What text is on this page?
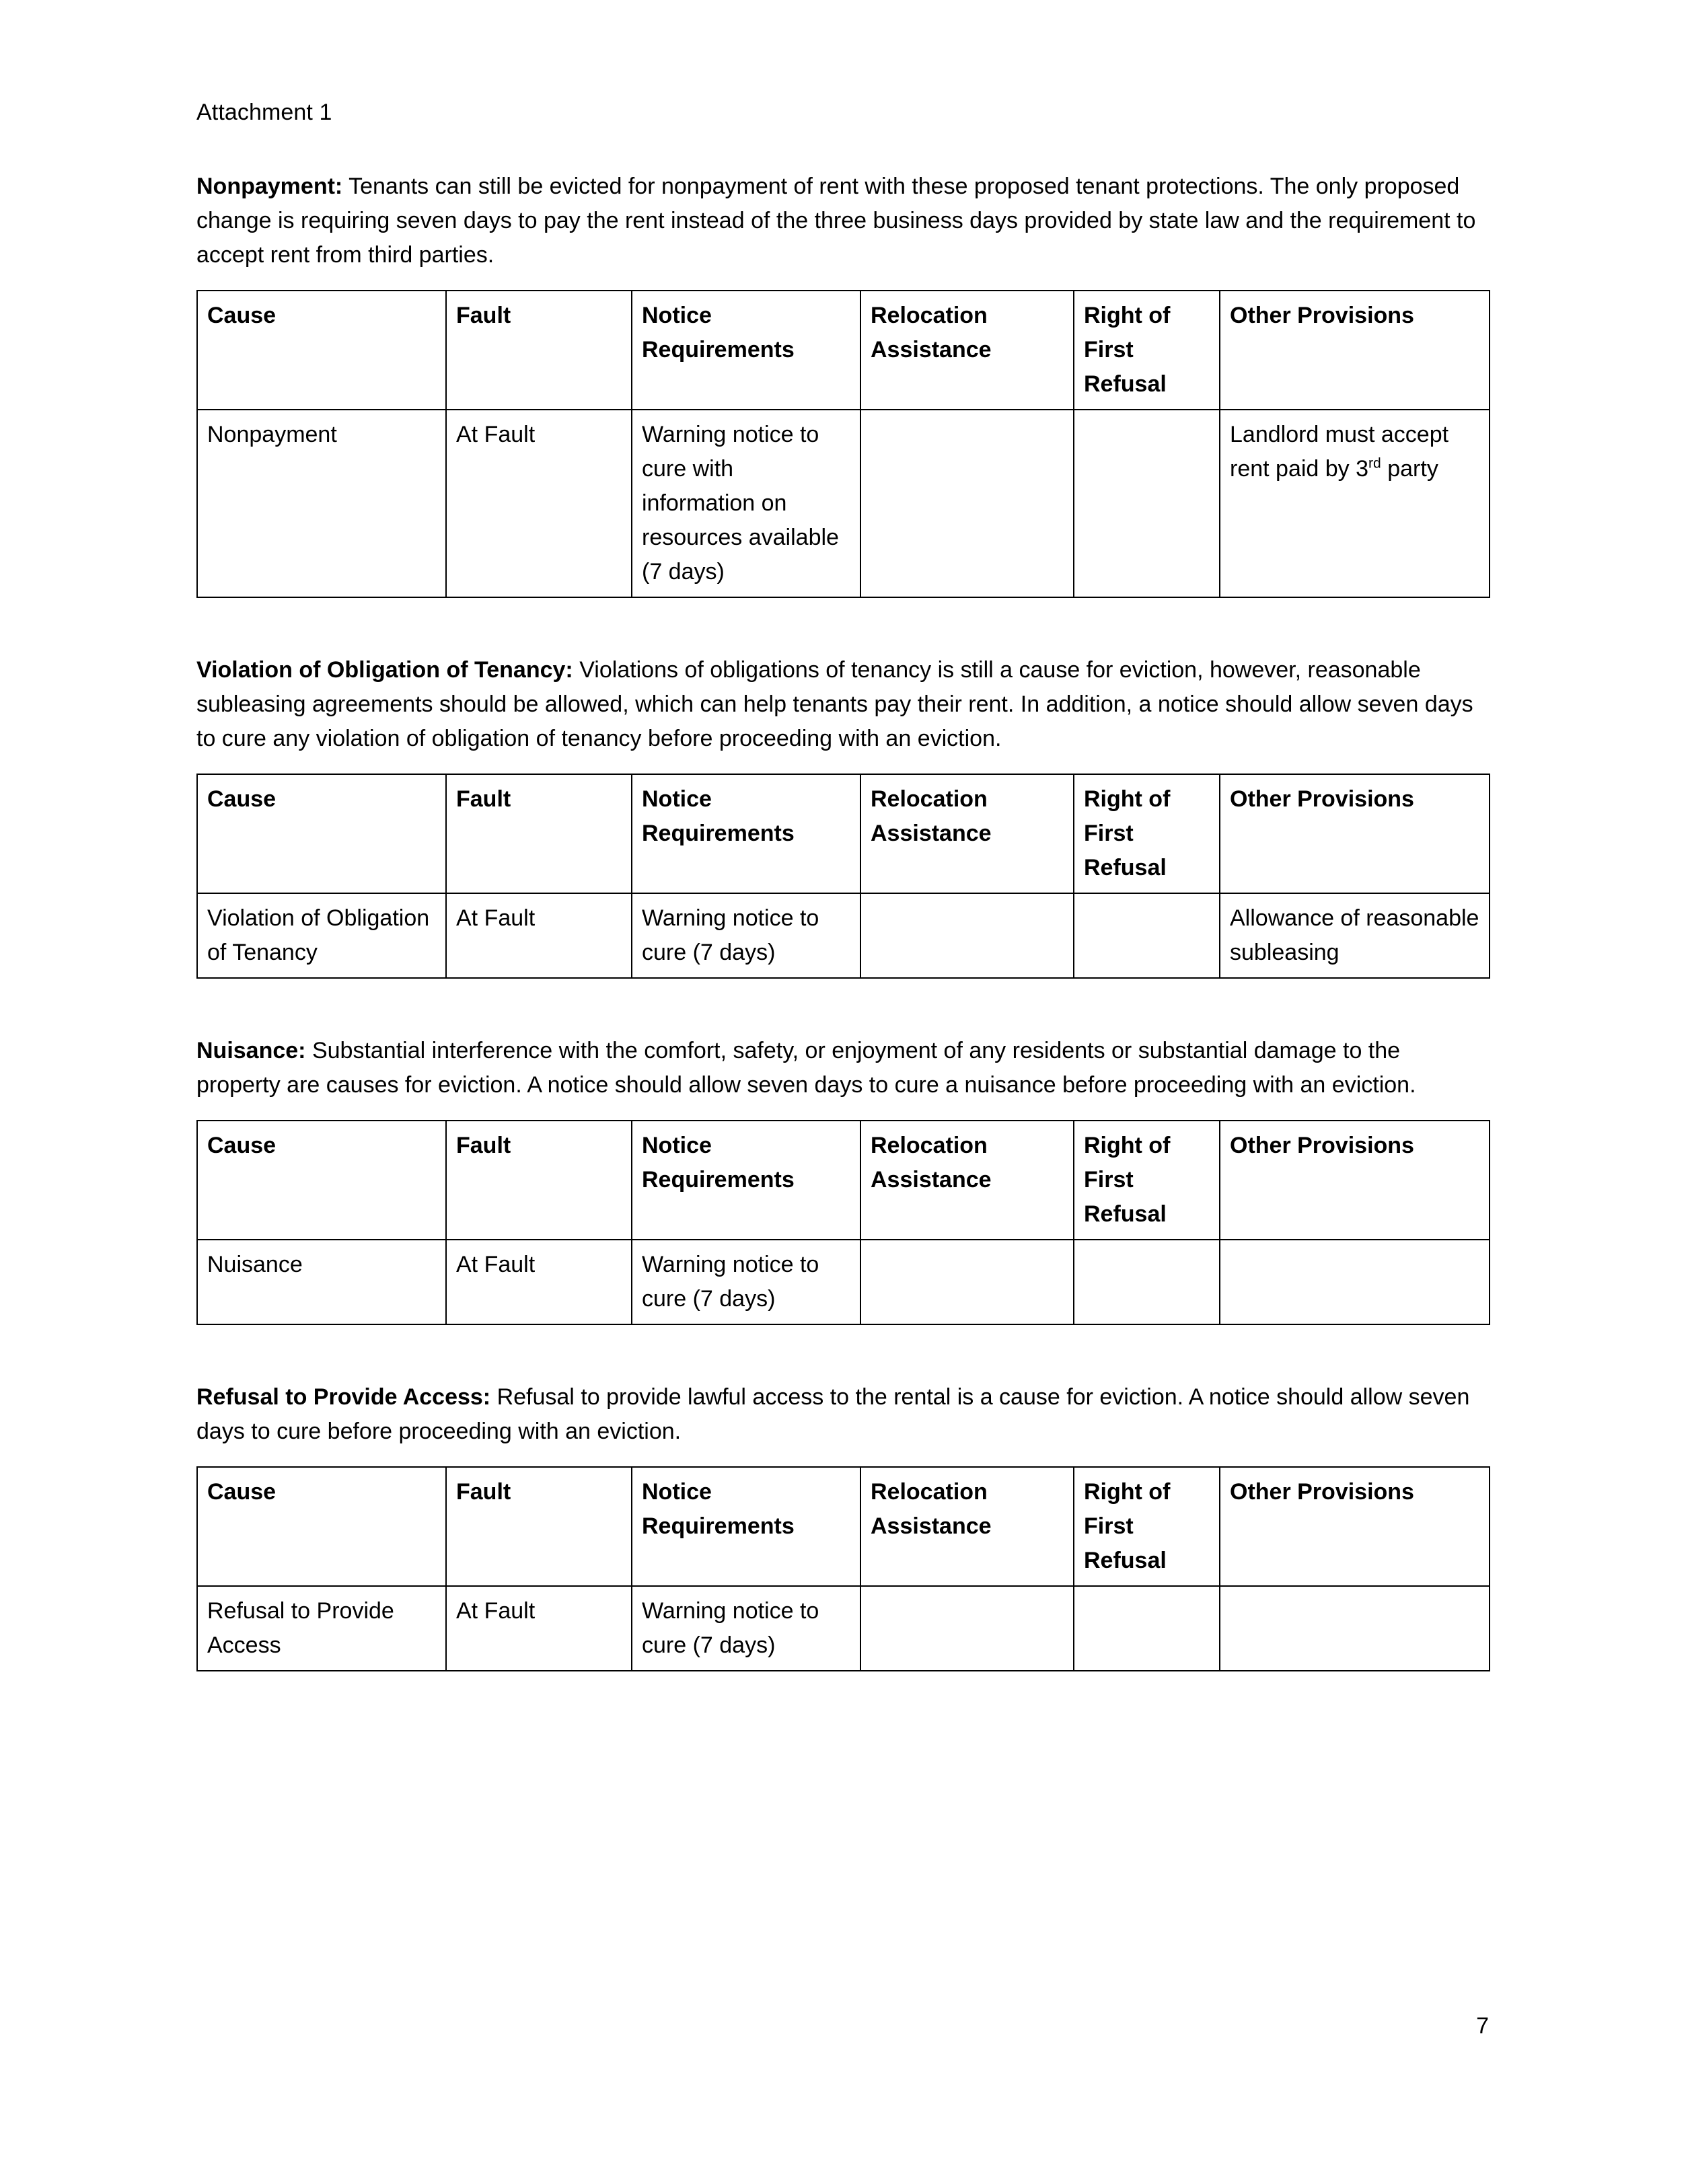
Attachment 1

Nonpayment: Tenants can still be evicted for nonpayment of rent with these proposed tenant protections. The only proposed change is requiring seven days to pay the rent instead of the three business days provided by state law and the requirement to accept rent from third parties.

Cause	Fault	Notice Requirements	Relocation Assistance	Right of First Refusal	Other Provisions
Nonpayment	At Fault	Warning notice to cure with information on resources available (7 days)			Landlord must accept rent paid by 3rd party

Violation of Obligation of Tenancy: Violations of obligations of tenancy is still a cause for eviction, however, reasonable subleasing agreements should be allowed, which can help tenants pay their rent. In addition, a notice should allow seven days to cure any violation of obligation of tenancy before proceeding with an eviction.

Cause	Fault	Notice Requirements	Relocation Assistance	Right of First Refusal	Other Provisions
Violation of Obligation of Tenancy	At Fault	Warning notice to cure (7 days)			Allowance of reasonable subleasing

Nuisance: Substantial interference with the comfort, safety, or enjoyment of any residents or substantial damage to the property are causes for eviction. A notice should allow seven days to cure a nuisance before proceeding with an eviction.

Cause	Fault	Notice Requirements	Relocation Assistance	Right of First Refusal	Other Provisions
Nuisance	At Fault	Warning notice to cure (7 days)			

Refusal to Provide Access: Refusal to provide lawful access to the rental is a cause for eviction. A notice should allow seven days to cure before proceeding with an eviction.

Cause	Fault	Notice Requirements	Relocation Assistance	Right of First Refusal	Other Provisions
Refusal to Provide Access	At Fault	Warning notice to cure (7 days)			
7
